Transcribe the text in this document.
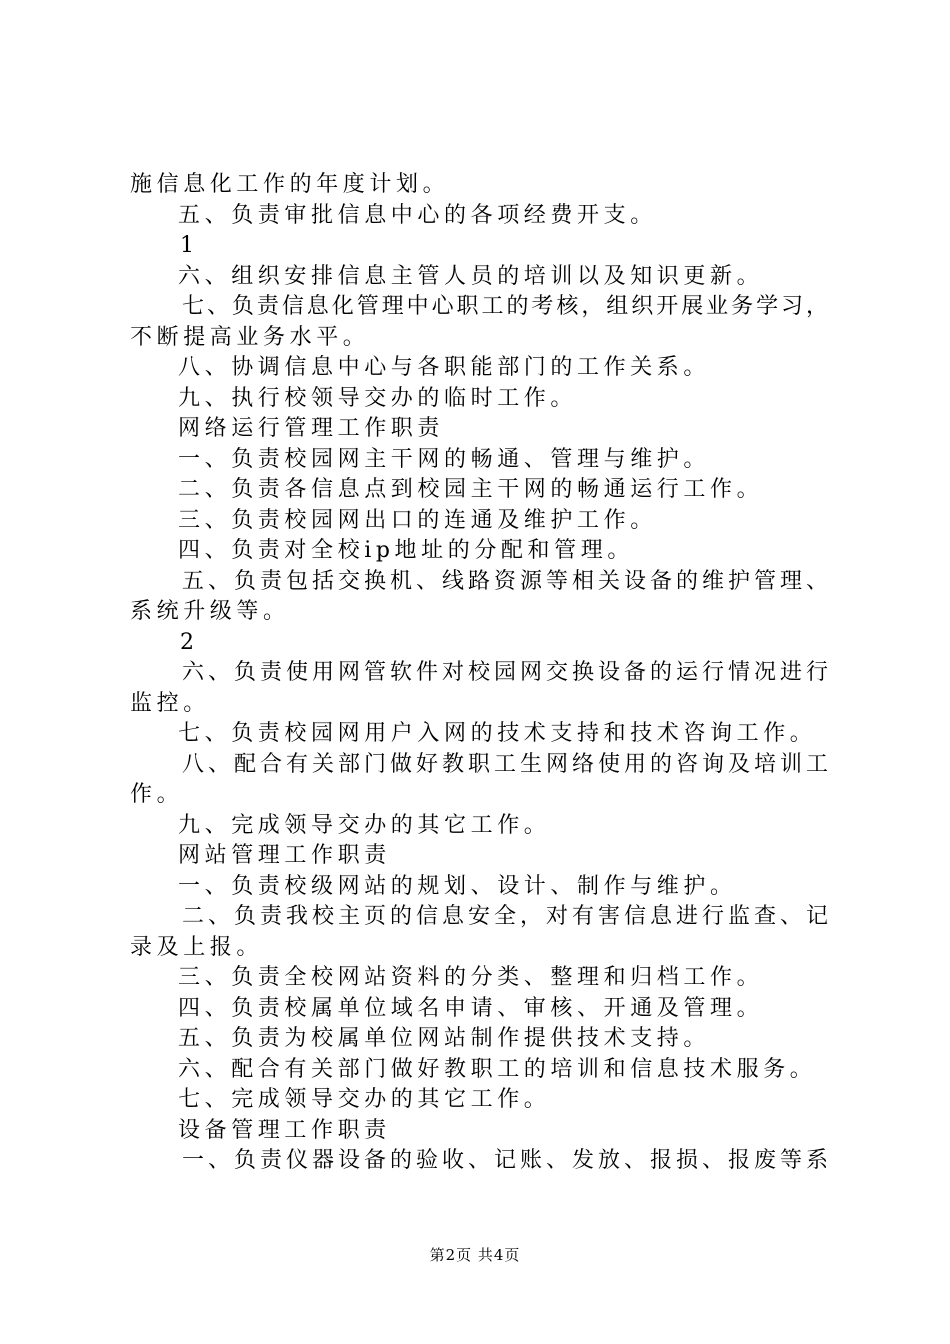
施信息化工作的年度计划。
五、负责审批信息中心的各项经费开支。
1
六、组织安排信息主管人员的培训以及知识更新。
七、负责信息化管理中心职工的考核，组织开展业务学习，
不断提高业务水平。
八、协调信息中心与各职能部门的工作关系。
九、执行校领导交办的临时工作。
网络运行管理工作职责
一、负责校园网主干网的畅通、管理与维护。
二、负责各信息点到校园主干网的畅通运行工作。
三、负责校园网出口的连通及维护工作。
四、负责对全校ip地址的分配和管理。
五、负责包括交换机、线路资源等相关设备的维护管理、
系统升级等。
2
六、负责使用网管软件对校园网交换设备的运行情况进行
监控。
七、负责校园网用户入网的技术支持和技术咨询工作。
八、配合有关部门做好教职工生网络使用的咨询及培训工
作。
九、完成领导交办的其它工作。
网站管理工作职责
一、负责校级网站的规划、设计、制作与维护。
二、负责我校主页的信息安全，对有害信息进行监查、记
录及上报。
三、负责全校网站资料的分类、整理和归档工作。
四、负责校属单位域名申请、审核、开通及管理。
五、负责为校属单位网站制作提供技术支持。
六、配合有关部门做好教职工的培训和信息技术服务。
七、完成领导交办的其它工作。
设备管理工作职责
一、负责仪器设备的验收、记账、发放、报损、报废等系
第2页 共4页
